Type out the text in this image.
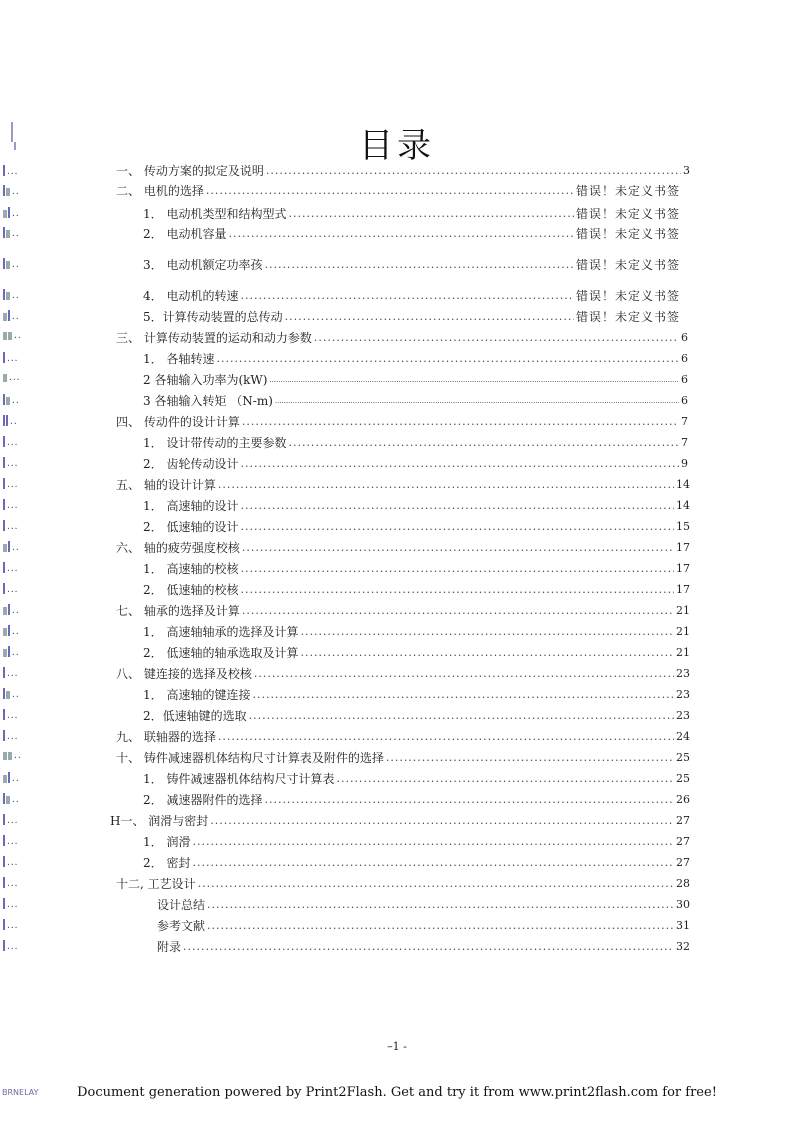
目录
一、 传动方案的拟定及说明 .....	3
二、 电机的选择 .....	错误！未定义书签
1． 电动机类型和结构型式 .....	错误！未定义书签
2． 电动机容量 .....	错误！未定义书签
3． 电动机额定功率孩 .....	错误！未定义书签
4． 电动机的转速 .....	错误！未定义书签
5．计算传动装置的总传动 .....	错误！未定义书签
三、 计算传动装置的运动和动力参数 .....	6
1． 各轴转速 .....	6
2 各轴输入功率为(kW) .....	6
3 各轴输入转矩 （N-m) .....	6
四、 传动件的设计计算 .....	7
1． 设计带传动的主要参数 .....	7
2． 齿轮传动设计 .....	9
五、 轴的设计计算 .....	14
1． 高速轴的设计 .....	14
2． 低速轴的设计 .....	15
六、 轴的疲劳强度校核 .....	17
1． 高速轴的校核 .....	17
2． 低速轴的校核 .....	17
七、 轴承的选择及计算 .....	21
1． 高速轴轴承的选择及计算 .....	21
2． 低速轴的轴承选取及计算 .....	21
八、 键连接的选择及校核 .....	23
1． 高速轴的键连接 .....	23
2．低速轴键的选取 .....	23
九、 联轴器的选择 .....	24
十、 铸件减速器机体结构尺寸计算表及附件的选择 .....	25
1． 铸件减速器机体结构尺寸计算表 .....	25
2． 减速器附件的选择 .....	26
H一、 润滑与密封 .....	27
1． 润滑 .....	27
2． 密封 .....	27
十二, 工艺设计 .....	28
设计总结 .....	30
参考文献 .....	31
附录 .....	32
...
..
..
..
..
..
..
..
...
...
..
..
...
...
...
...
...
..
...
...
..
..
..
...
..
...
...
..
..
..
...
...
...
...
...
...
...
–1 -
BRNELAY	Document generation powered by Print2Flash. Get and try it from www.print2flash.com for free!
